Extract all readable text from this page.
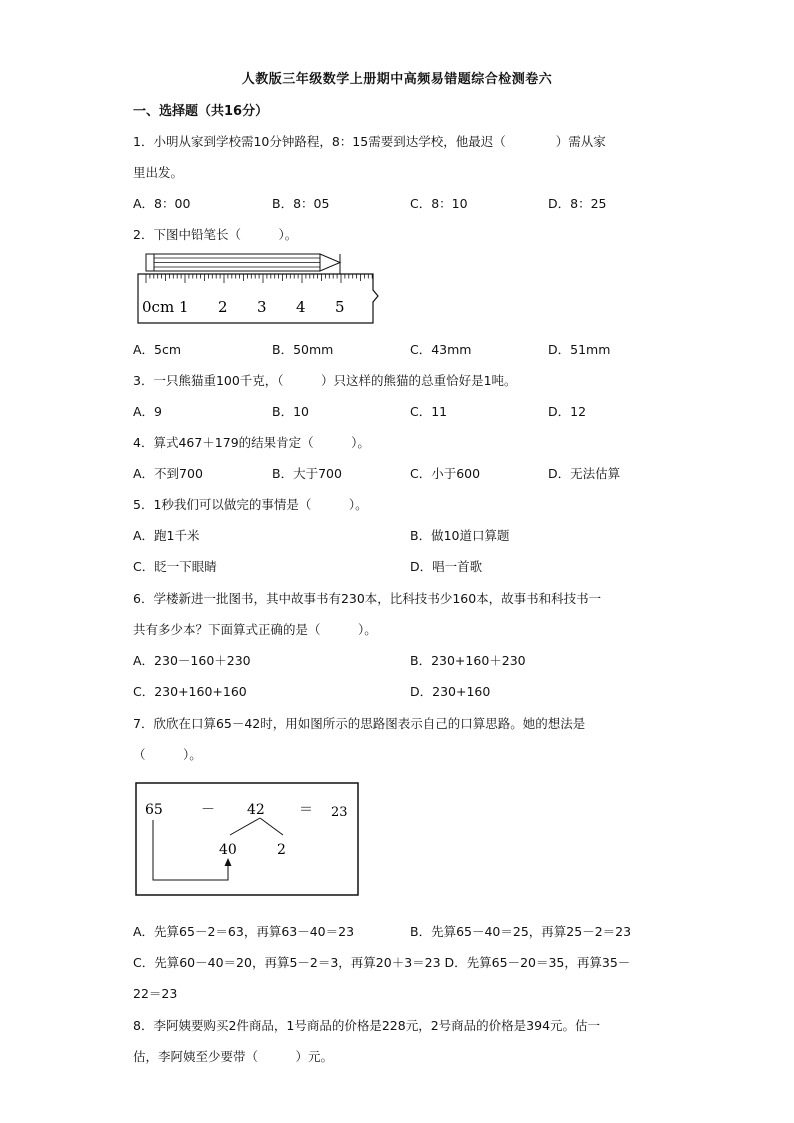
人教版三年级数学上册期中高频易错题综合检测卷六
一、选择题（共16分）
1．小明从家到学校需10分钟路程，8：15需要到达学校，他最迟（　　　　）需从家
里出发。
A．8：00	B．8：05	C．8：10	D．8：25
2．下图中铅笔长（　　　）。
0cm 1 2 3 4 5
A．5cm	B．50mm	C．43mm	D．51mm
3．一只熊猫重100千克，（　　　）只这样的熊猫的总重恰好是1吨。
A．9	B．10	C．11	D．12
4．算式467＋179的结果肯定（　　　）。
A．不到700	B．大于700	C．小于600	D．无法估算
5．1秒我们可以做完的事情是（　　　）。
A．跑1千米	B．做10道口算题
C．眨一下眼睛	D．唱一首歌
6．学楼新进一批图书，其中故事书有230本，比科技书少160本，故事书和科技书一
共有多少本？下面算式正确的是（　　　）。
A．230－160＋230	B．230+160＋230
C．230+160+160	D．230+160
7．欣欣在口算65－42时，用如图所示的思路图表示自己的口算思路。她的想法是
（　　　）。
65	－ 42 ＝ 23
40	2
A．先算65－2＝63，再算63－40＝23	B．先算65－40＝25，再算25－2＝23
C．先算60－40＝20，再算5－2＝3，再算20＋3＝23 D．先算65－20＝35，再算35－
22＝23
8．李阿姨要购买2件商品，1号商品的价格是228元，2号商品的价格是394元。估一
估，李阿姨至少要带（　　　）元。
